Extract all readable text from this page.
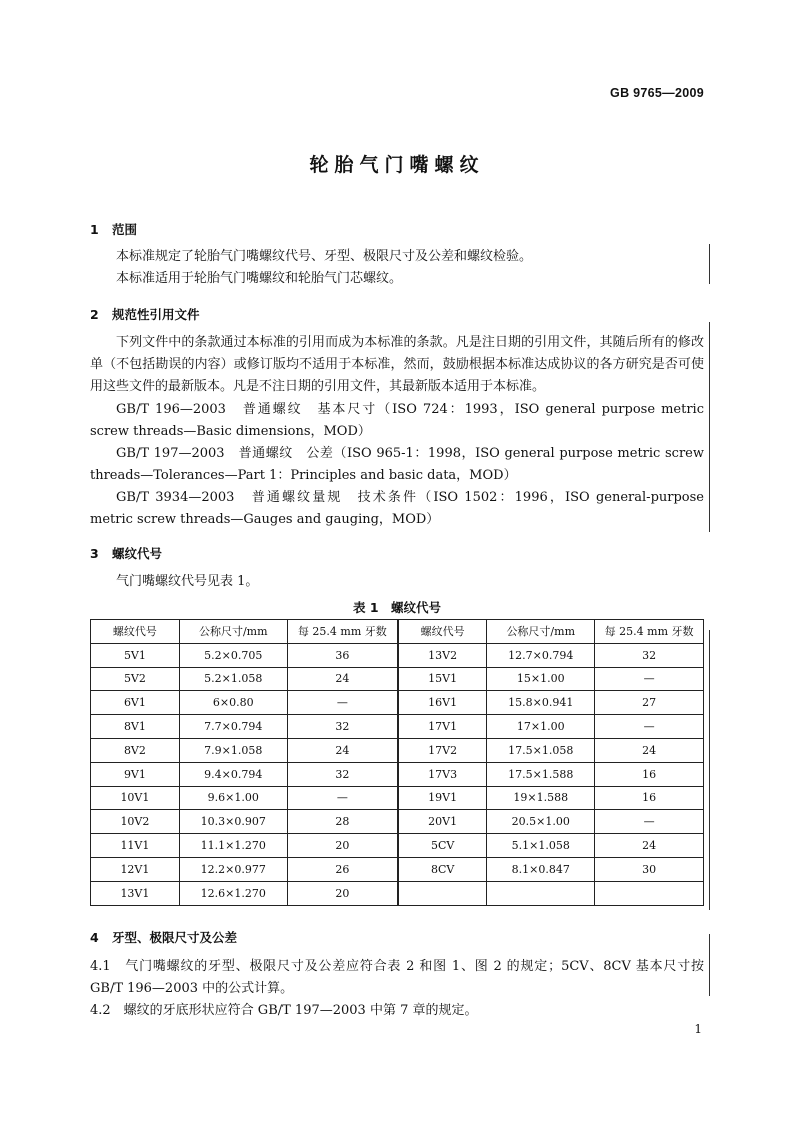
GB 9765—2009
轮胎气门嘴螺纹
1 范围
本标准规定了轮胎气门嘴螺纹代号、牙型、极限尺寸及公差和螺纹检验。
本标准适用于轮胎气门嘴螺纹和轮胎气门芯螺纹。
2 规范性引用文件
下列文件中的条款通过本标准的引用而成为本标准的条款。凡是注日期的引用文件，其随后所有的修改单（不包括勘误的内容）或修订版均不适用于本标准，然而，鼓励根据本标准达成协议的各方研究是否可使用这些文件的最新版本。凡是不注日期的引用文件，其最新版本适用于本标准。
GB/T 196—2003　普通螺纹　基本尺寸（ISO 724：1993，ISO general purpose metric screw threads—Basic dimensions，MOD）
GB/T 197—2003　普通螺纹　公差（ISO 965-1：1998，ISO general purpose metric screw threads—Tolerances—Part 1：Principles and basic data，MOD）
GB/T 3934—2003　普通螺纹量规　技术条件（ISO 1502：1996，ISO general-purpose metric screw threads—Gauges and gauging，MOD）
3 螺纹代号
气门嘴螺纹代号见表 1。
表 1　螺纹代号
螺纹代号	公称尺寸/mm	每 25.4 mm 牙数	螺纹代号	公称尺寸/mm	每 25.4 mm 牙数
5V1	5.2×0.705	36	13V2	12.7×0.794	32
5V2	5.2×1.058	24	15V1	15×1.00	—
6V1	6×0.80	—	16V1	15.8×0.941	27
8V1	7.7×0.794	32	17V1	17×1.00	—
8V2	7.9×1.058	24	17V2	17.5×1.058	24
9V1	9.4×0.794	32	17V3	17.5×1.588	16
10V1	9.6×1.00	—	19V1	19×1.588	16
10V2	10.3×0.907	28	20V1	20.5×1.00	—
11V1	11.1×1.270	20	5CV	5.1×1.058	24
12V1	12.2×0.977	26	8CV	8.1×0.847	30
13V1	12.6×1.270	20			
4 牙型、极限尺寸及公差
4.1　气门嘴螺纹的牙型、极限尺寸及公差应符合表 2 和图 1、图 2 的规定；5CV、8CV 基本尺寸按 GB/T 196—2003 中的公式计算。
4.2　螺纹的牙底形状应符合 GB/T 197—2003 中第 7 章的规定。
1
